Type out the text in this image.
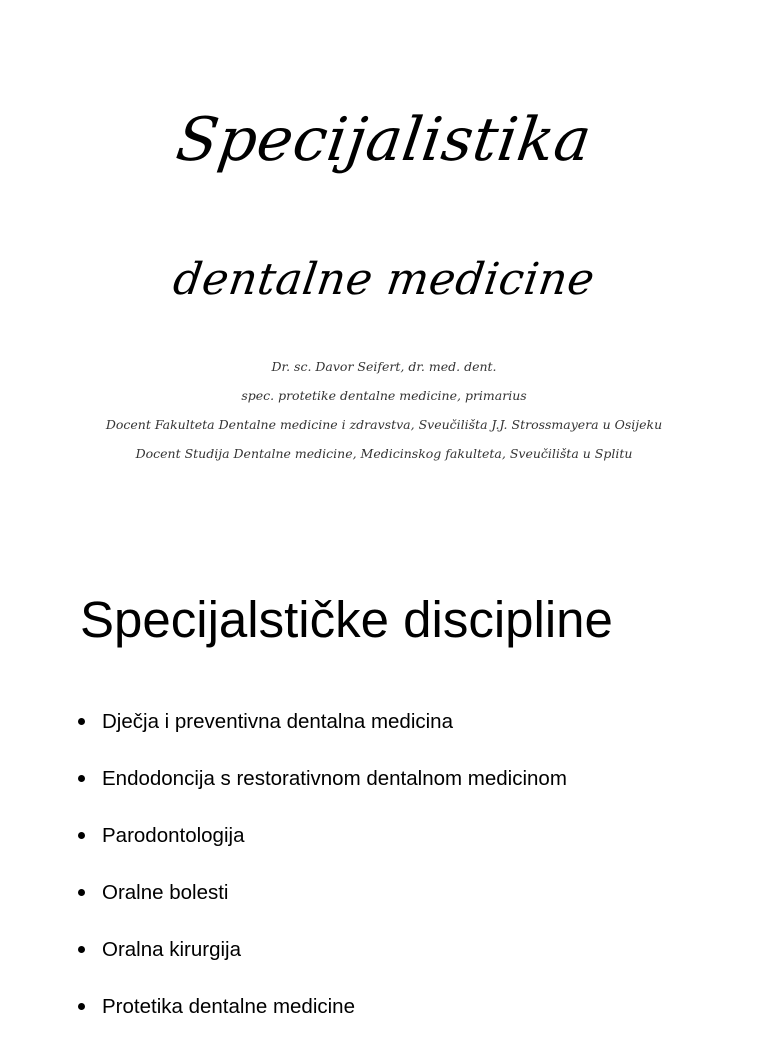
Specijalistika
dentalne medicine
Dr. sc. Davor Seifert, dr. med. dent.
spec. protetike dentalne medicine, primarius
Docent Fakulteta Dentalne medicine i zdravstva, Sveučilišta J.J. Strossmayera u Osijeku
Docent Studija Dentalne medicine, Medicinskog fakulteta, Sveučilišta u Splitu
Specijalstičke discipline
Dječja i preventivna dentalna medicina
Endodoncija s restorativnom dentalnom medicinom
Parodontologija
Oralne bolesti
Oralna kirurgija
Protetika dentalne medicine
